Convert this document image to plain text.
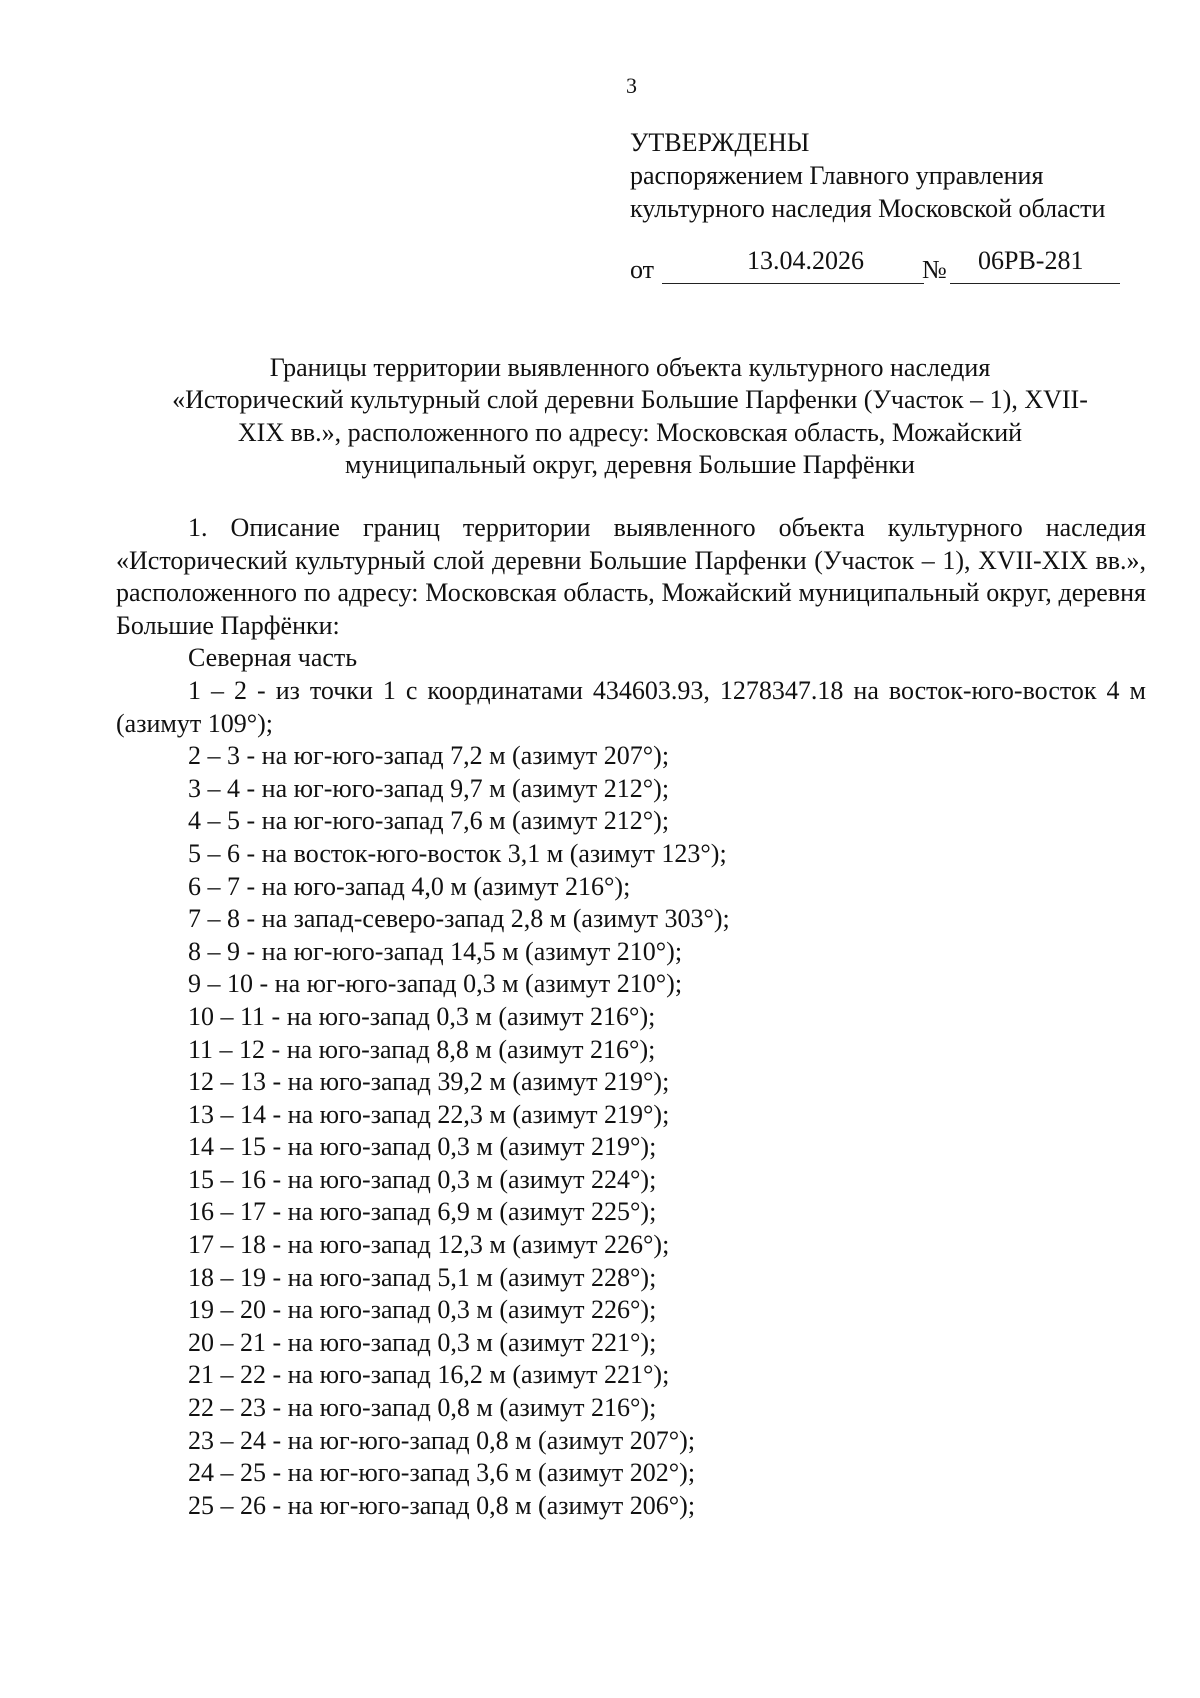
3
УТВЕРЖДЕНЫ
распоряжением Главного управления
культурного наследия Московской области
от	13.04.2026 № 06РВ-281
Границы территории выявленного объекта культурного наследия
«Исторический культурный слой деревни Большие Парфенки (Участок – 1), XVII-
XIX вв.», расположенного по адресу: Московская область, Можайский
муниципальный округ, деревня Большие Парфёнки

1. Описание границ территории выявленного объекта культурного наследия «Исторический культурный слой деревни Большие Парфенки (Участок – 1), XVII-XIX вв.», расположенного по адресу: Московская область, Можайский муниципальный округ, деревня Большие Парфёнки:

Северная часть

1 – 2 - из точки 1 с координатами 434603.93, 1278347.18 на восток-юго-восток 4 м (азимут 109°);

2 – 3 - на юг-юго-запад 7,2 м (азимут 207°);

3 – 4 - на юг-юго-запад 9,7 м (азимут 212°);

4 – 5 - на юг-юго-запад 7,6 м (азимут 212°);

5 – 6 - на восток-юго-восток 3,1 м (азимут 123°);

6 – 7 - на юго-запад 4,0 м (азимут 216°);

7 – 8 - на запад-северо-запад 2,8 м (азимут 303°);

8 – 9 - на юг-юго-запад 14,5 м (азимут 210°);

9 – 10 - на юг-юго-запад 0,3 м (азимут 210°);

10 – 11 - на юго-запад 0,3 м (азимут 216°);

11 – 12 - на юго-запад 8,8 м (азимут 216°);

12 – 13 - на юго-запад 39,2 м (азимут 219°);

13 – 14 - на юго-запад 22,3 м (азимут 219°);

14 – 15 - на юго-запад 0,3 м (азимут 219°);

15 – 16 - на юго-запад 0,3 м (азимут 224°);

16 – 17 - на юго-запад 6,9 м (азимут 225°);

17 – 18 - на юго-запад 12,3 м (азимут 226°);

18 – 19 - на юго-запад 5,1 м (азимут 228°);

19 – 20 - на юго-запад 0,3 м (азимут 226°);

20 – 21 - на юго-запад 0,3 м (азимут 221°);

21 – 22 - на юго-запад 16,2 м (азимут 221°);

22 – 23 - на юго-запад 0,8 м (азимут 216°);

23 – 24 - на юг-юго-запад 0,8 м (азимут 207°);

24 – 25 - на юг-юго-запад 3,6 м (азимут 202°);

25 – 26 - на юг-юго-запад 0,8 м (азимут 206°);
